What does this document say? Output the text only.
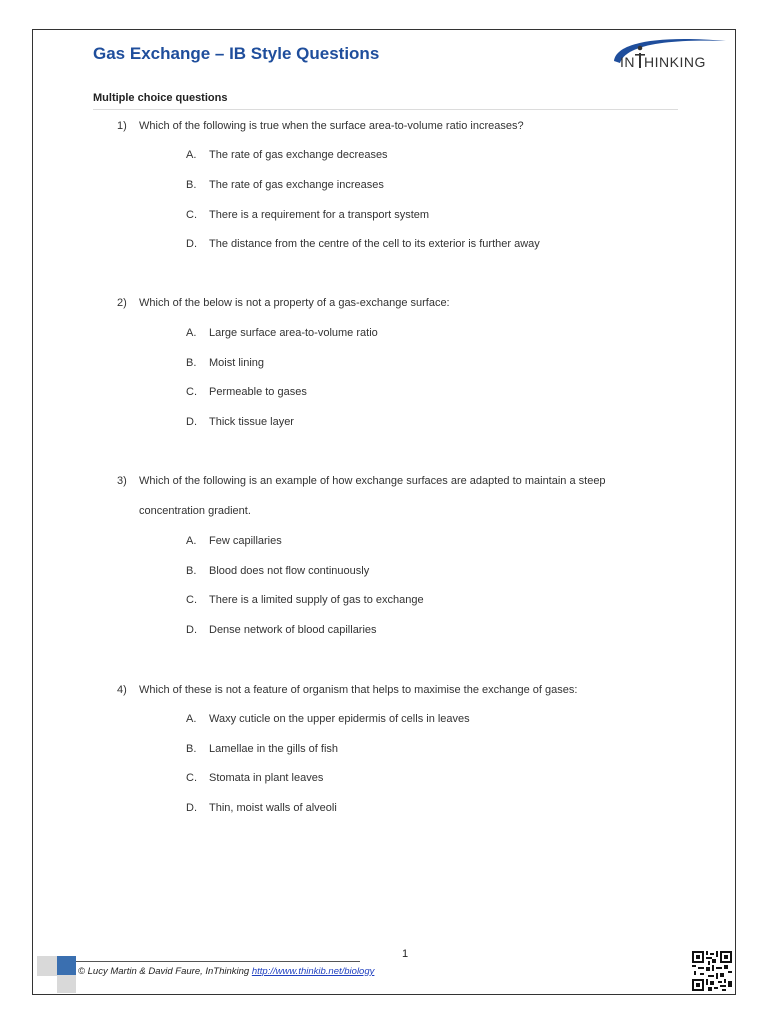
Gas Exchange – IB Style Questions	IN HINKING
Multiple choice questions
1) Which of the following is true when the surface area-to-volume ratio increases?
A. The rate of gas exchange decreases
B. The rate of gas exchange increases
C. There is a requirement for a transport system
D. The distance from the centre of the cell to its exterior is further away
2) Which of the below is not a property of a gas-exchange surface:
A. Large surface area-to-volume ratio
B. Moist lining
C. Permeable to gases
D. Thick tissue layer
3) Which of the following is an example of how exchange surfaces are adapted to maintain a steep
concentration gradient.
A. Few capillaries
B. Blood does not flow continuously
C. There is a limited supply of gas to exchange
D. Dense network of blood capillaries
4) Which of these is not a feature of organism that helps to maximise the exchange of gases:
A. Waxy cuticle on the upper epidermis of cells in leaves
B. Lamellae in the gills of fish
C. Stomata in plant leaves
D. Thin, moist walls of alveoli
1
© Lucy Martin & David Faure, InThinking http://www.thinkib.net/biology
